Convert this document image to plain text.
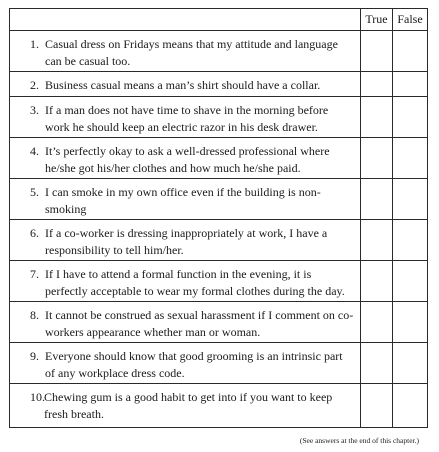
	True	False

1. Casual dress on Fridays means that my attitude and language can be casual too.		

2. Business casual means a man’s shirt should have a collar.		

3. If a man does not have time to shave in the morning before work he should keep an electric razor in his desk drawer.		

4. It’s perfectly okay to ask a well-dressed professional where he/she got his/her clothes and how much he/she paid.		

5. I can smoke in my own office even if the building is non-smoking		

6. If a co-worker is dressing inappropriately at work, I have a responsibility to tell him/her.		

7. If I have to attend a formal function in the evening, it is perfectly acceptable to wear my formal clothes during the day.		

8. It cannot be construed as sexual harassment if I comment on co-workers appearance whether man or woman.		

9. Everyone should know that good grooming is an intrinsic part of any workplace dress code.		

10. Chewing gum is a good habit to get into if you want to keep fresh breath.		

(See answers at the end of this chapter.)
